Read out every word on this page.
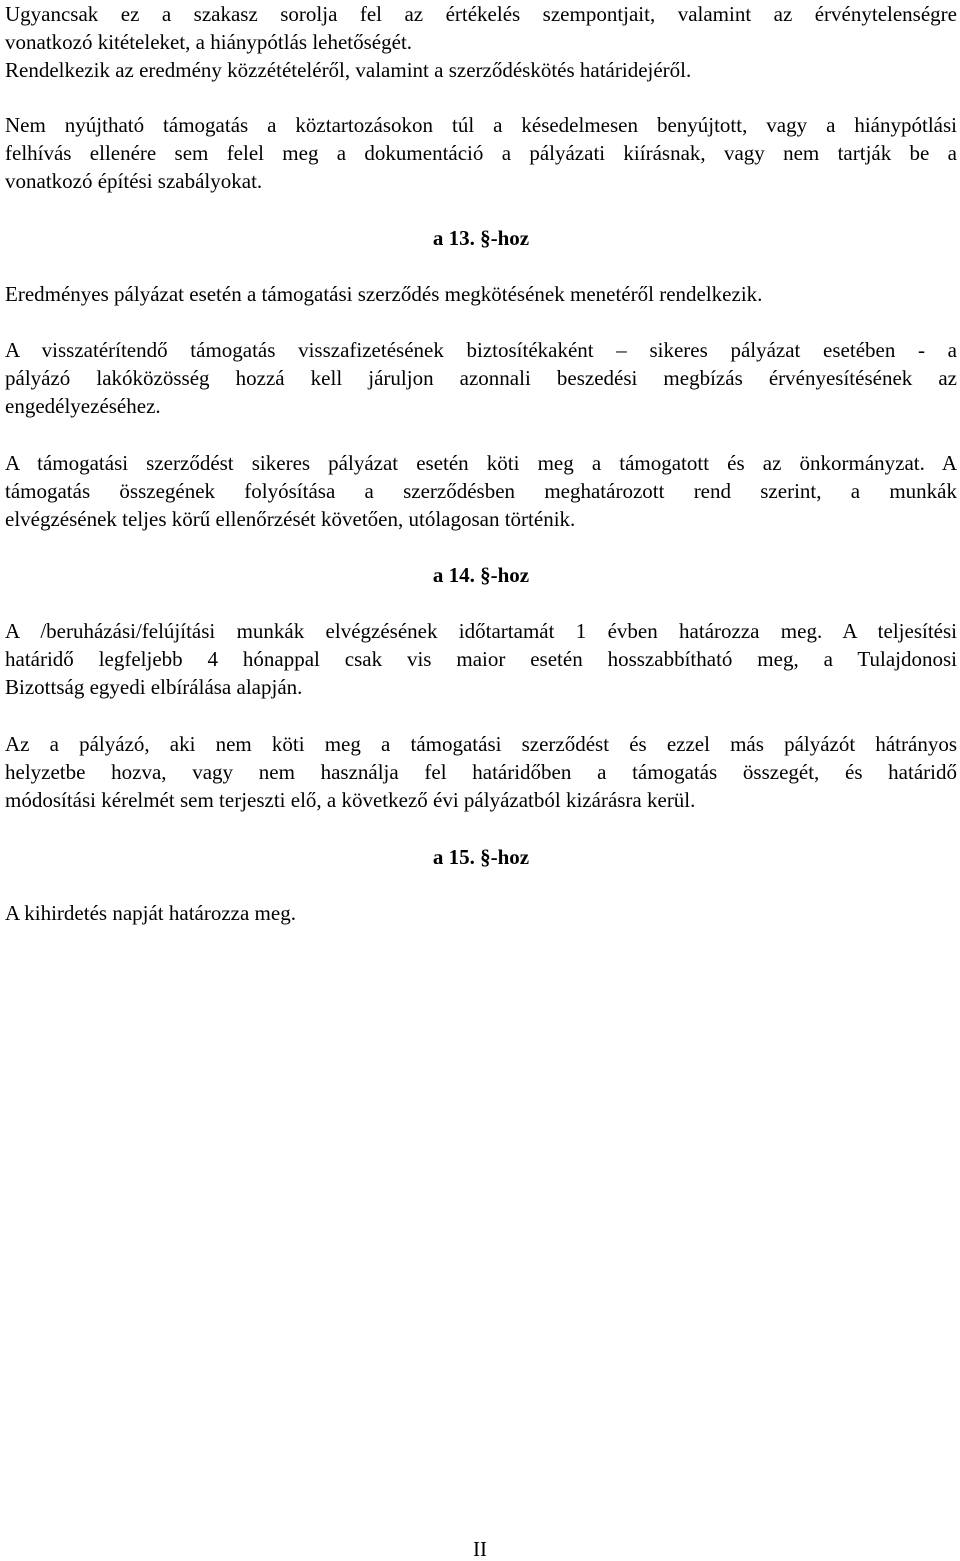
Ugyancsak ez a szakasz sorolja fel az értékelés szempontjait, valamint az érvénytelenségre
vonatkozó kitételeket, a hiánypótlás lehetőségét.
Rendelkezik az eredmény közzétételéről, valamint a szerződéskötés határidejéről.
Nem nyújtható támogatás a köztartozásokon túl a késedelmesen benyújtott, vagy a hiánypótlási
felhívás ellenére sem felel meg a dokumentáció a pályázati kiírásnak, vagy nem tartják be a
vonatkozó építési szabályokat.
a 13. §-hoz
Eredményes pályázat esetén a támogatási szerződés megkötésének menetéről rendelkezik.
A visszatérítendő támogatás visszafizetésének biztosítékaként – sikeres pályázat esetében - a
pályázó lakóközösség hozzá kell járuljon azonnali beszedési megbízás érvényesítésének az
engedélyezéséhez.
A támogatási szerződést sikeres pályázat esetén köti meg a támogatott és az önkormányzat. A
támogatás összegének folyósítása a szerződésben meghatározott rend szerint, a munkák
elvégzésének teljes körű ellenőrzését követően, utólagosan történik.
a 14. §-hoz
A /beruházási/felújítási munkák elvégzésének időtartamát 1 évben határozza meg. A teljesítési
határidő legfeljebb 4 hónappal csak vis maior esetén hosszabbítható meg, a Tulajdonosi
Bizottság egyedi elbírálása alapján.
Az a pályázó, aki nem köti meg a támogatási szerződést és ezzel más pályázót hátrányos
helyzetbe hozva, vagy nem használja fel határidőben a támogatás összegét, és határidő
módosítási kérelmét sem terjeszti elő, a következő évi pályázatból kizárásra kerül.
a 15. §-hoz
A kihirdetés napját határozza meg.
II
